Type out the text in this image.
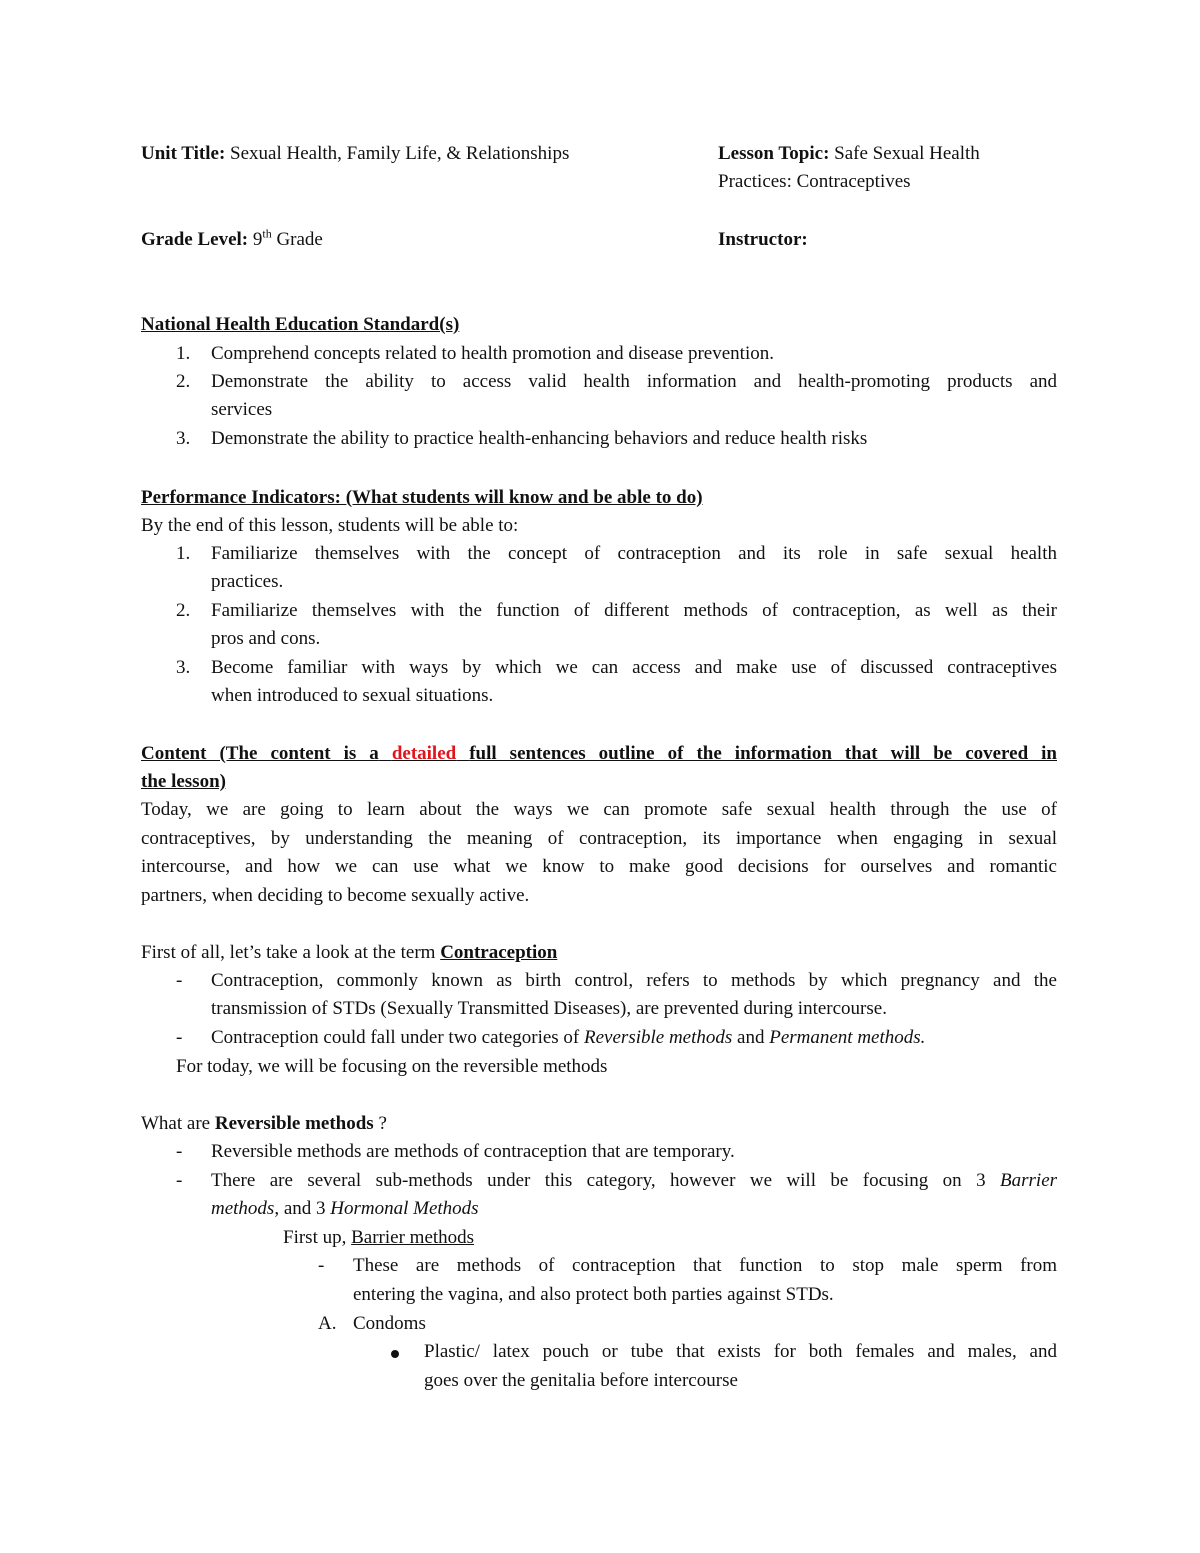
Unit Title: Sexual Health, Family Life, & Relationships	Lesson Topic: Safe Sexual Health
Practices: Contraceptives
Grade Level: 9th Grade	Instructor:
National Health Education Standard(s)
1. Comprehend concepts related to health promotion and disease prevention.
2. Demonstrate the ability to access valid health information and health-promoting products and
services
3. Demonstrate the ability to practice health-enhancing behaviors and reduce health risks
Performance Indicators: (What students will know and be able to do)
By the end of this lesson, students will be able to:
1. Familiarize themselves with the concept of contraception and its role in safe sexual health
practices.
2. Familiarize themselves with the function of different methods of contraception, as well as their
pros and cons.
3. Become familiar with ways by which we can access and make use of discussed contraceptives
when introduced to sexual situations.
Content (The content is a detailed full sentences outline of the information that will be covered in
the lesson)
Today, we are going to learn about the ways we can promote safe sexual health through the use of
contraceptives, by understanding the meaning of contraception, its importance when engaging in sexual
intercourse, and how we can use what we know to make good decisions for ourselves and romantic
partners, when deciding to become sexually active.
First of all, let’s take a look at the term Contraception
- Contraception, commonly known as birth control, refers to methods by which pregnancy and the
transmission of STDs (Sexually Transmitted Diseases), are prevented during intercourse.
- Contraception could fall under two categories of Reversible methods and Permanent methods.
For today, we will be focusing on the reversible methods
What are Reversible methods ?
- Reversible methods are methods of contraception that are temporary.
- There are several sub-methods under this category, however we will be focusing on 3 Barrier
methods, and 3 Hormonal Methods
First up, Barrier methods
- These are methods of contraception that function to stop male sperm from
entering the vagina, and also protect both parties against STDs.
A. Condoms
Plastic/ latex pouch or tube that exists for both females and males, and
goes over the genitalia before intercourse
